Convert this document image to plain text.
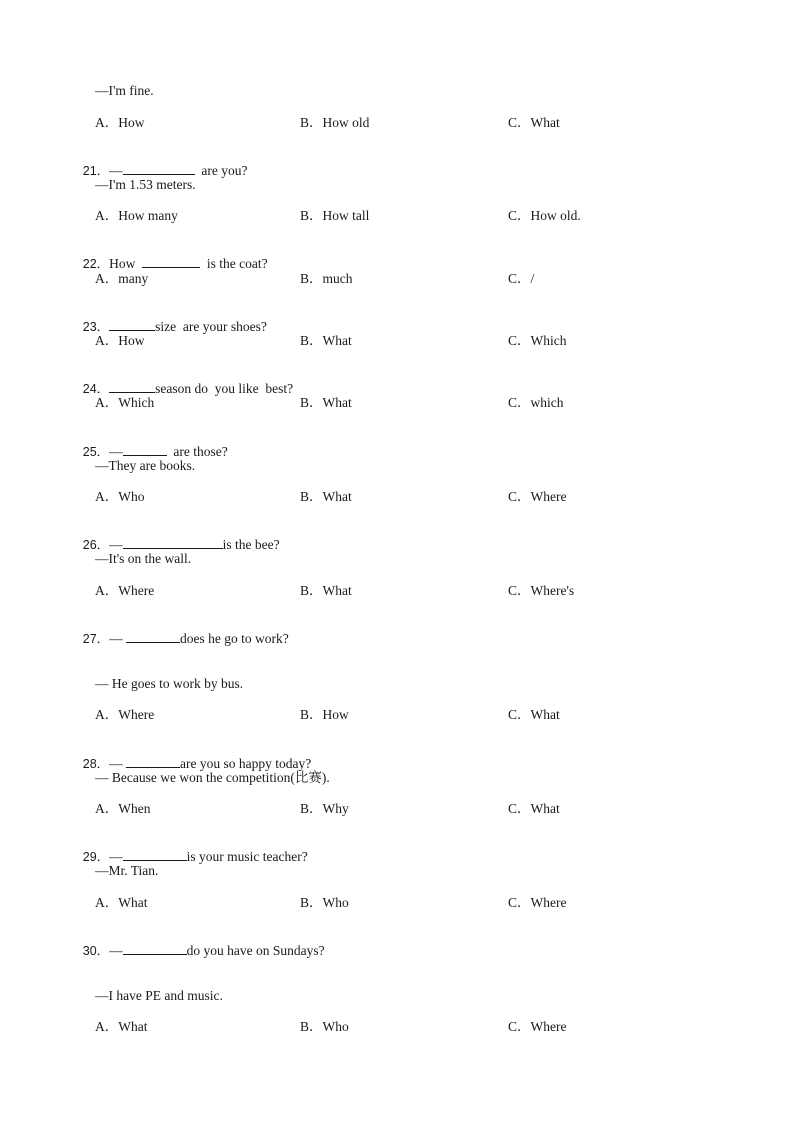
—I'm fine.
A．How	B．How old	C．What

21．—	are you?

—I'm 1.53 meters.
A．How many	B．How tall	C．How old.

22．How	is the coat?

A．many	B．much	C．/

23．	size  are your shoes?

A．How	B．What	C．Which

24．	season do  you like  best?

A．Which	B．What	C．which

25．—	are those?

—They are books.
A．Who	B．What	C．Where

26．—	is the bee?

—It's on the wall.
A．Where	B．What	C．Where's

27．—	does he go to work?

— He goes to work by bus.
A．Where	B．How	C．What

28．—	are you so happy today?

— Because we won the competition(比赛).
A．When	B．Why	C．What

29．—	is your music teacher?

—Mr. Tian.
A．What	B．Who	C．Where

30．—	do you have on Sundays?

—I have PE and music.
A．What	B．Who	C．Where
